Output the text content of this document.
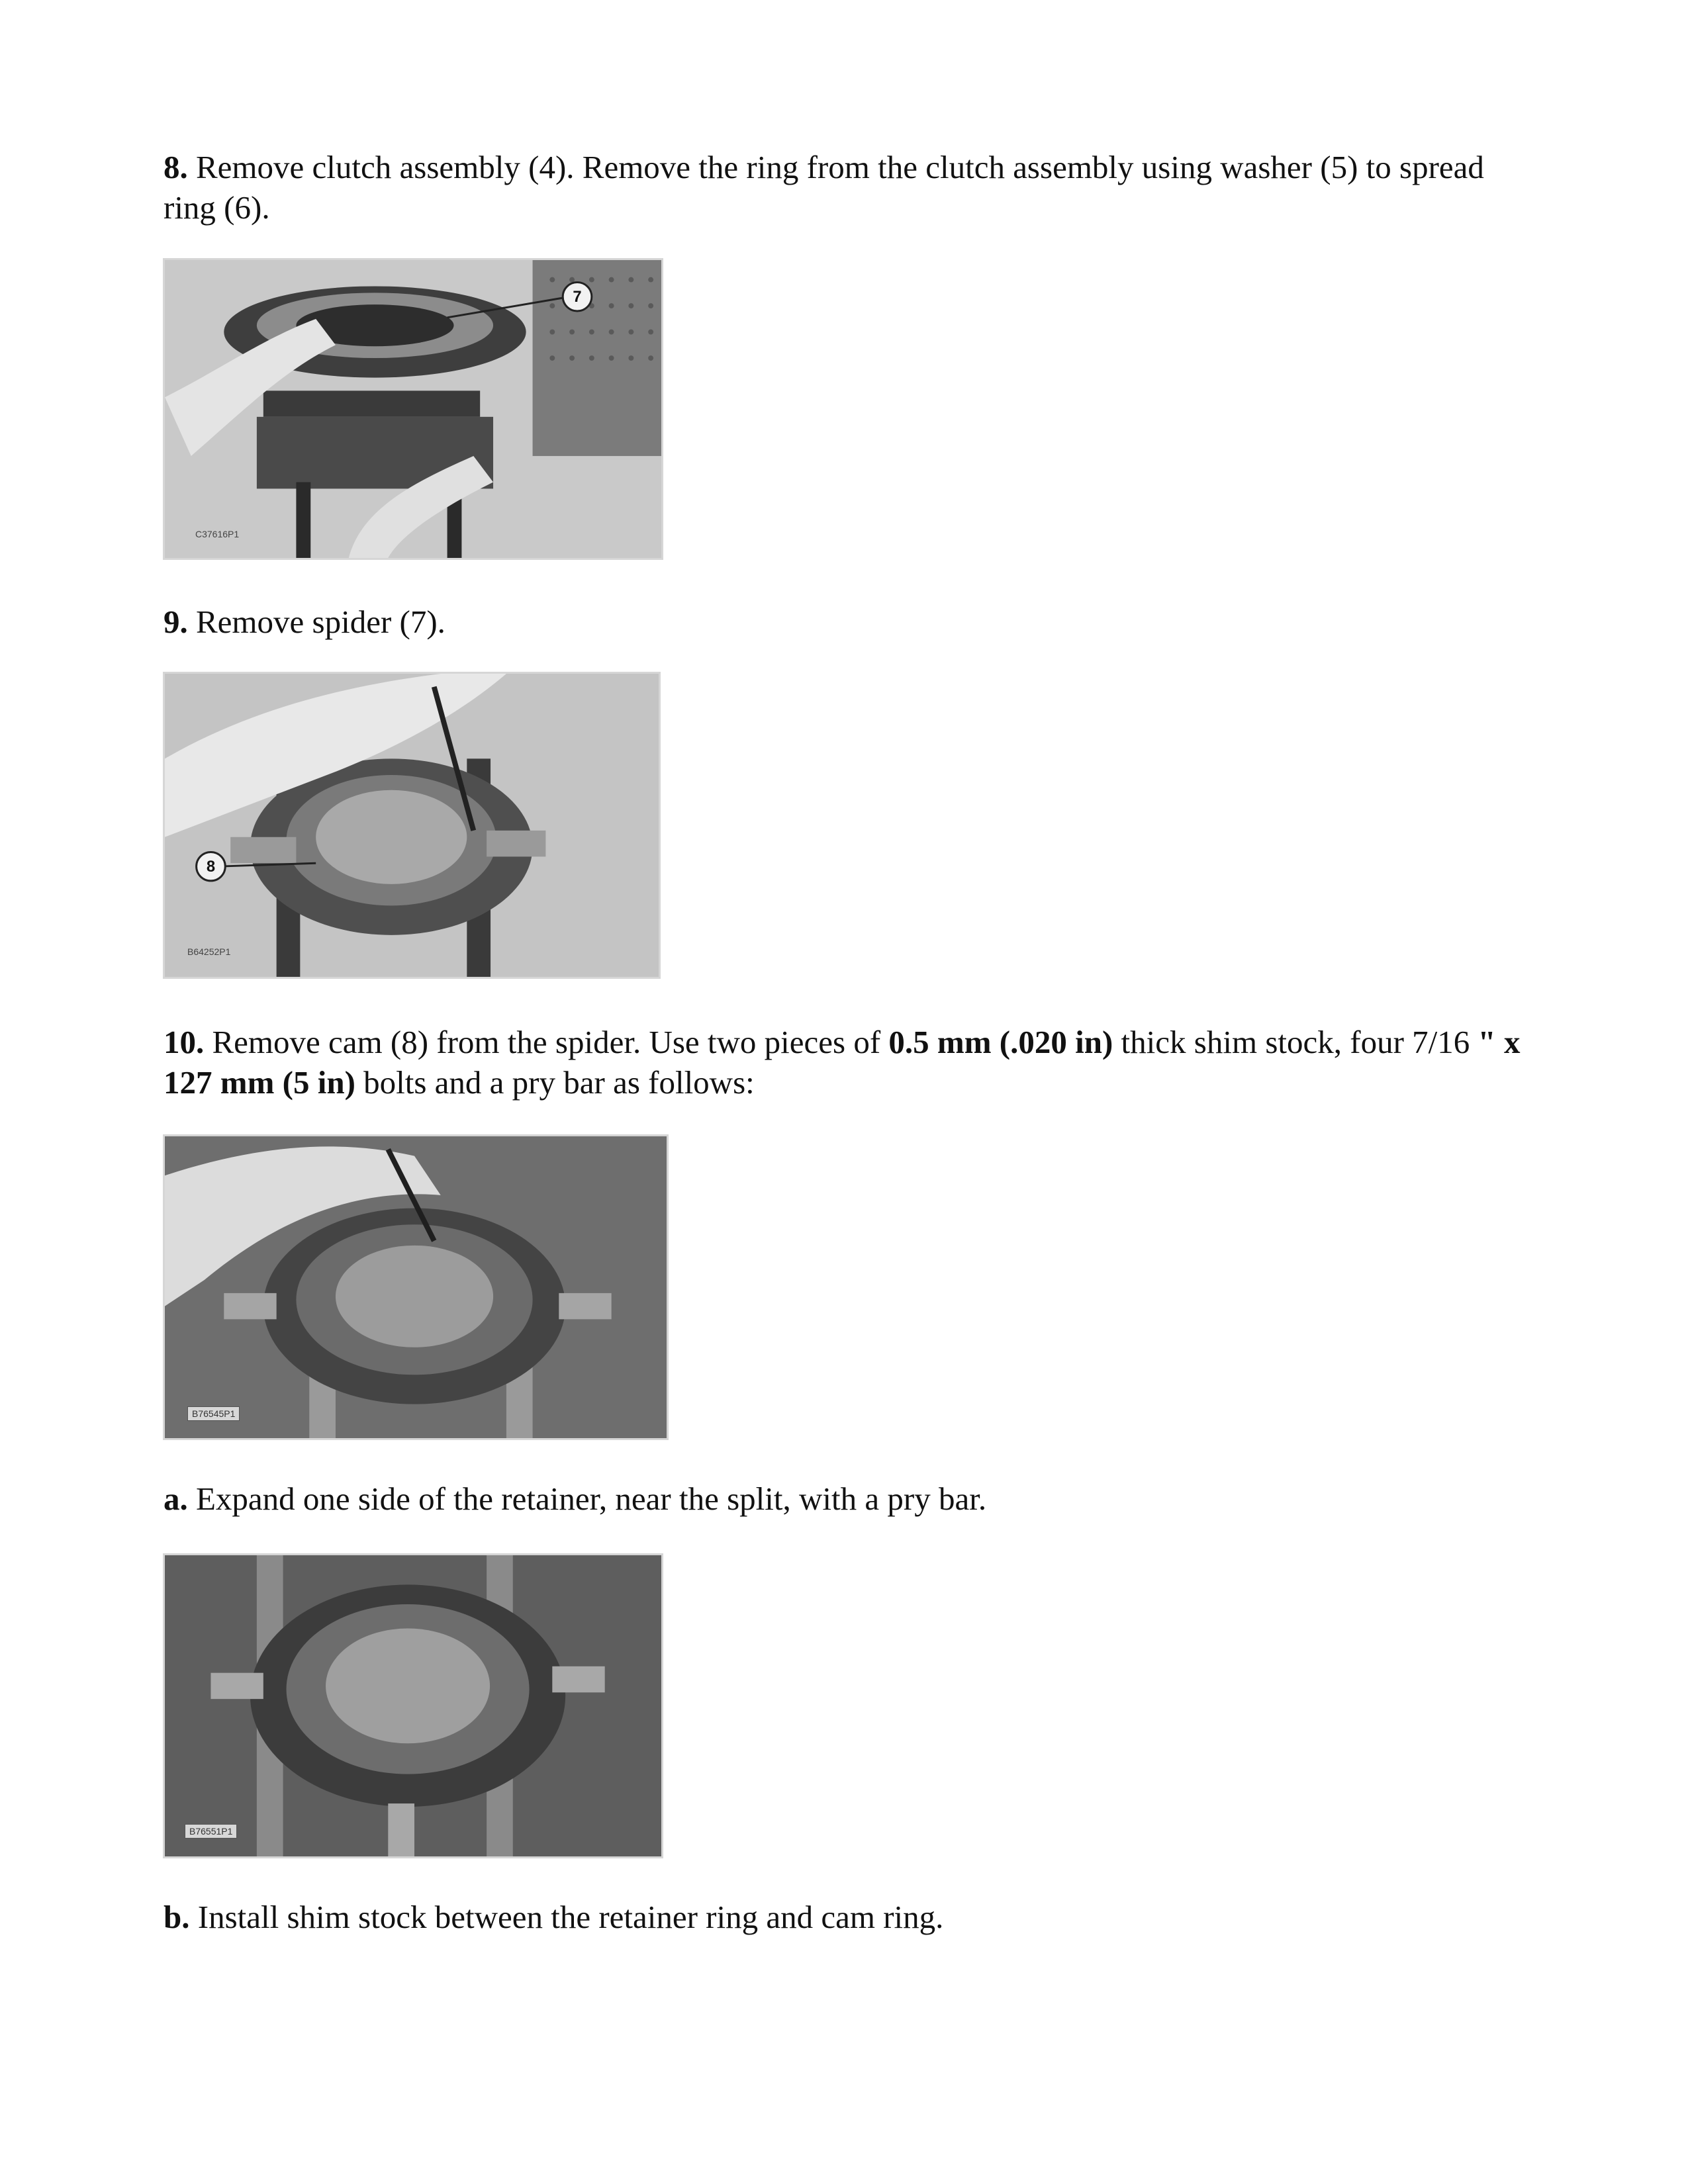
8. Remove clutch assembly (4). Remove the ring from the clutch assembly using washer (5) to spread ring (6).

7
C37616P1

9. Remove spider (7).

8
B64252P1

10. Remove cam (8) from the spider. Use two pieces of 0.5 mm (.020 in) thick shim stock, four 7/16 " x 127 mm (5 in) bolts and a pry bar as follows:

B76545P1

a. Expand one side of the retainer, near the split, with a pry bar.

B76551P1

b. Install shim stock between the retainer ring and cam ring.
